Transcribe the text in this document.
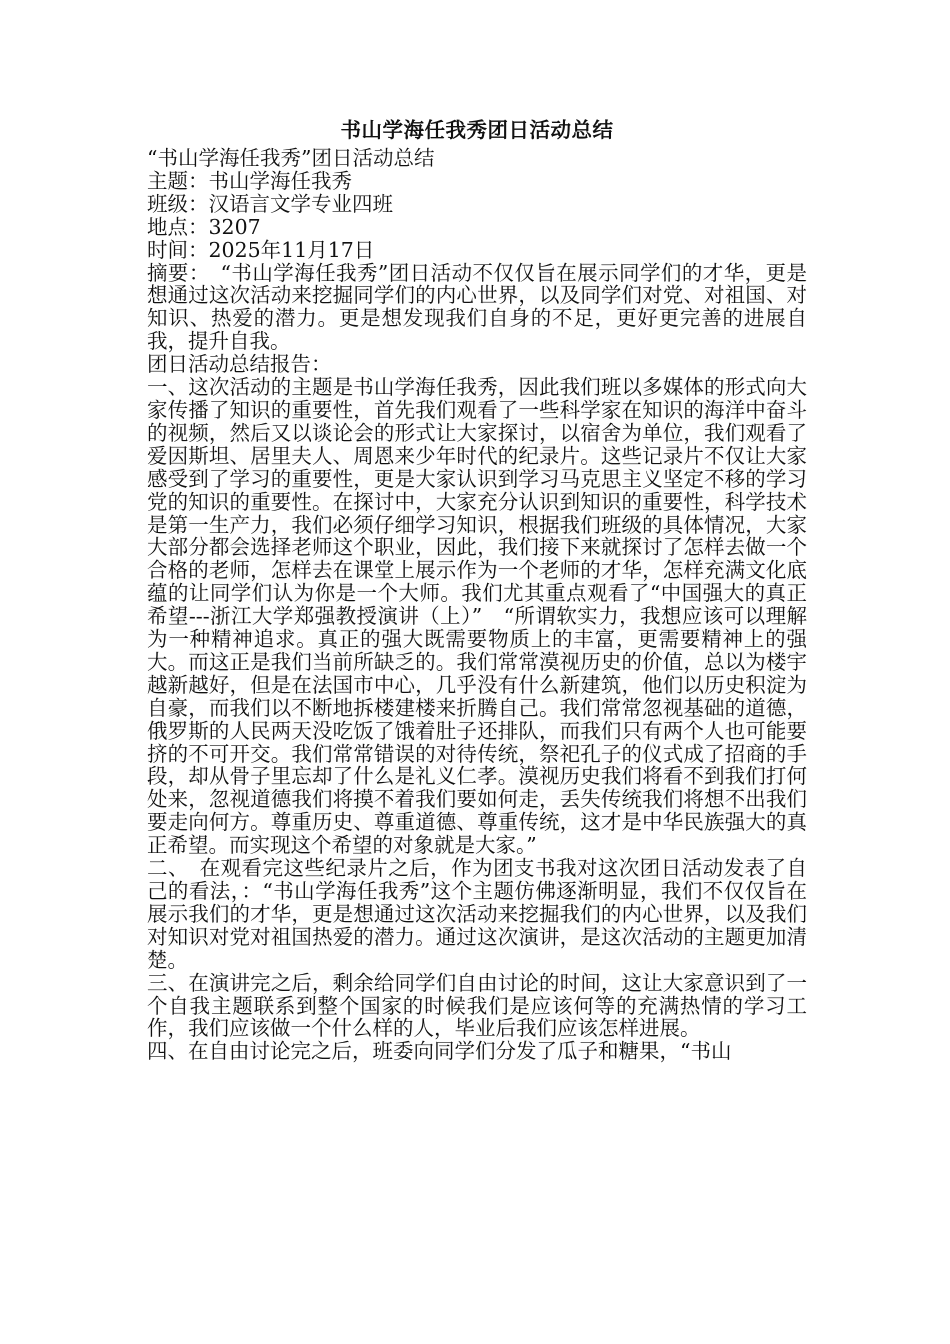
书山学海任我秀团日活动总结

“书山学海任我秀”团日活动总结

主题：书山学海任我秀

班级：汉语言文学专业四班

地点：3207

时间：2025年11月17日

摘要：　“书山学海任我秀”团日活动不仅仅旨在展示同学们的才华，更是想通过这次活动来挖掘同学们的内心世界，以及同学们对党、对祖国、对知识、热爱的潜力。更是想发现我们自身的不足，更好更完善的进展自我，提升自我。

团日活动总结报告：

一、这次活动的主题是书山学海任我秀，因此我们班以多媒体的形式向大家传播了知识的重要性，首先我们观看了一些科学家在知识的海洋中奋斗的视频，然后又以谈论会的形式让大家探讨，以宿舍为单位，我们观看了爱因斯坦、居里夫人、周恩来少年时代的纪录片。这些记录片不仅让大家感受到了学习的重要性，更是大家认识到学习马克思主义坚定不移的学习党的知识的重要性。在探讨中，大家充分认识到知识的重要性，科学技术是第一生产力，我们必须仔细学习知识，根据我们班级的具体情况，大家大部分都会选择老师这个职业，因此，我们接下来就探讨了怎样去做一个合格的老师，怎样去在课堂上展示作为一个老师的才华，怎样充满文化底蕴的让同学们认为你是一个大师。我们尤其重点观看了“中国强大的真正希望---浙江大学郑强教授演讲（上）”　“所谓软实力，我想应该可以理解为一种精神追求。真正的强大既需要物质上的丰富，更需要精神上的强大。而这正是我们当前所缺乏的。我们常常漠视历史的价值，总以为楼宇越新越好，但是在法国市中心，几乎没有什么新建筑，他们以历史积淀为自豪，而我们以不断地拆楼建楼来折腾自己。我们常常忽视基础的道德，俄罗斯的人民两天没吃饭了饿着肚子还排队，而我们只有两个人也可能要挤的不可开交。我们常常错误的对待传统，祭祀孔子的仪式成了招商的手段，却从骨子里忘却了什么是礼义仁孝。漠视历史我们将看不到我们打何处来，忽视道德我们将摸不着我们要如何走，丢失传统我们将想不出我们要走向何方。尊重历史、尊重道德、尊重传统，这才是中华民族强大的真正希望。而实现这个希望的对象就是大家。”

二、　在观看完这些纪录片之后，作为团支书我对这次团日活动发表了自己的看法，：“书山学海任我秀”这个主题仿佛逐渐明显，我们不仅仅旨在展示我们的才华，更是想通过这次活动来挖掘我们的内心世界，以及我们对知识对党对祖国热爱的潜力。通过这次演讲，是这次活动的主题更加清楚。

三、在演讲完之后，剩余给同学们自由讨论的时间，这让大家意识到了一个自我主题联系到整个国家的时候我们是应该何等的充满热情的学习工作，我们应该做一个什么样的人，毕业后我们应该怎样进展。

四、在自由讨论完之后，班委向同学们分发了瓜子和糖果，“书山
